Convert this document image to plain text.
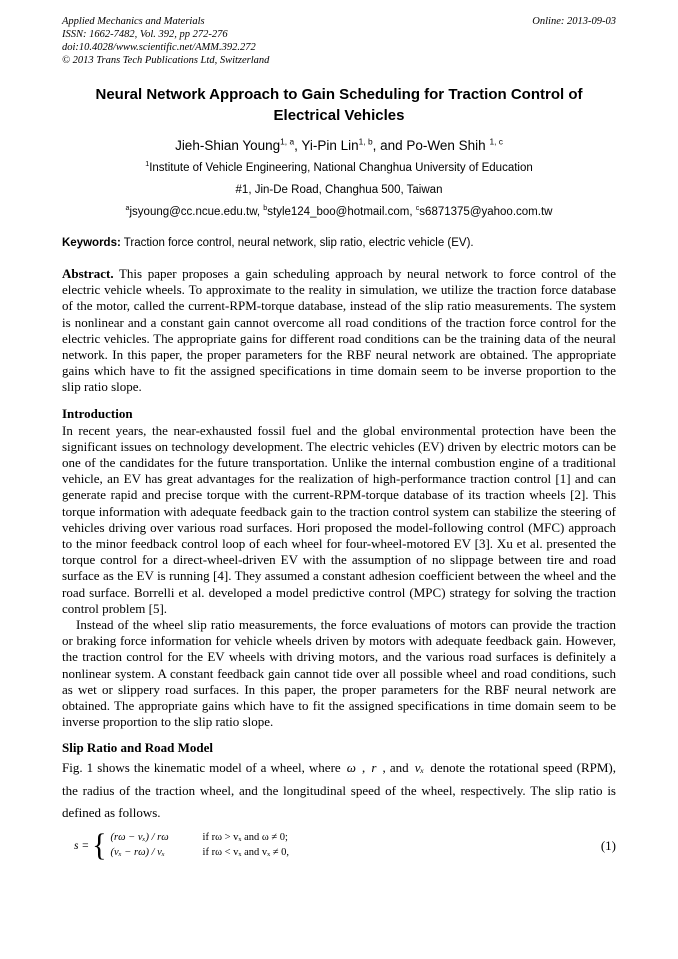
Applied Mechanics and Materials	Online: 2013-09-03
ISSN: 1662-7482, Vol. 392, pp 272-276
doi:10.4028/www.scientific.net/AMM.392.272
© 2013 Trans Tech Publications Ltd, Switzerland
Neural Network Approach to Gain Scheduling for Traction Control of Electrical Vehicles
Jieh-Shian Young$^{1, a}$, Yi-Pin Lin$^{1, b}$, and Po-Wen Shih $^{1, c}$
$^1$Institute of Vehicle Engineering, National Changhua University of Education
#1, Jin-De Road, Changhua 500, Taiwan
$^a$jsyoung@cc.ncue.edu.tw, $^b$style124_boo@hotmail.com, $^c$s6871375@yahoo.com.tw

Keywords: Traction force control, neural network, slip ratio, electric vehicle (EV).

Abstract. This paper proposes a gain scheduling approach by neural network to force control of the electric vehicle wheels. To approximate to the reality in simulation, we utilize the traction force database of the motor, called the current-RPM-torque database, instead of the slip ratio measurements. The system is nonlinear and a constant gain cannot overcome all road conditions of the traction force control for the electric vehicles. The appropriate gains for different road conditions can be the training data of the neural network. In this paper, the proper parameters for the RBF neural network are obtained. The appropriate gains which have to fit the assigned specifications in time domain seem to be inverse proportion to the slip ratio slope.

Introduction

In recent years, the near-exhausted fossil fuel and the global environmental protection have been the significant issues on technology development. The electric vehicles (EV) driven by electric motors can be one of the candidates for the future transportation. Unlike the internal combustion engine of a traditional vehicle, an EV has great advantages for the realization of high-performance traction control [1] and can generate rapid and precise torque with the current-RPM-torque database of its traction wheels [2]. This torque information with adequate feedback gain to the traction control system can stabilize the steering of vehicles driving over various road surfaces. Hori proposed the model-following control (MFC) approach to the minor feedback control loop of each wheel for four-wheel-motored EV [3]. Xu et al. presented the torque control for a direct-wheel-driven EV with the assumption of no slippage between tire and road surface as the EV is running [4]. They assumed a constant adhesion coefficient between the wheel and the road surface. Borrelli et al. developed a model predictive control (MPC) strategy for solving the traction control problem [5].

Instead of the wheel slip ratio measurements, the force evaluations of motors can provide the traction or braking force information for vehicle wheels driven by motors with adequate feedback gain. However, the traction control for the EV wheels with driving motors, and the various road surfaces is definitely a nonlinear system. A constant feedback gain cannot tide over all possible wheel and road conditions, such as wet or slippery road surfaces. In this paper, the proper parameters for the RBF neural network are obtained. The appropriate gains which have to fit the assigned specifications in time domain seem to be inverse proportion to the slip ratio slope.

Slip Ratio and Road Model

Fig. 1 shows the kinematic model of a wheel, where ω , r , and vₓ denote the rotational speed (RPM), the radius of the traction wheel, and the longitudinal speed of the wheel, respectively. The slip ratio is defined as follows.

s = { (rω − vₓ) / rω	if rω > vₓ and ω ≠ 0;
(vₓ − rω) / vₓ	if rω < vₓ and vₓ ≠ 0,	(1)
